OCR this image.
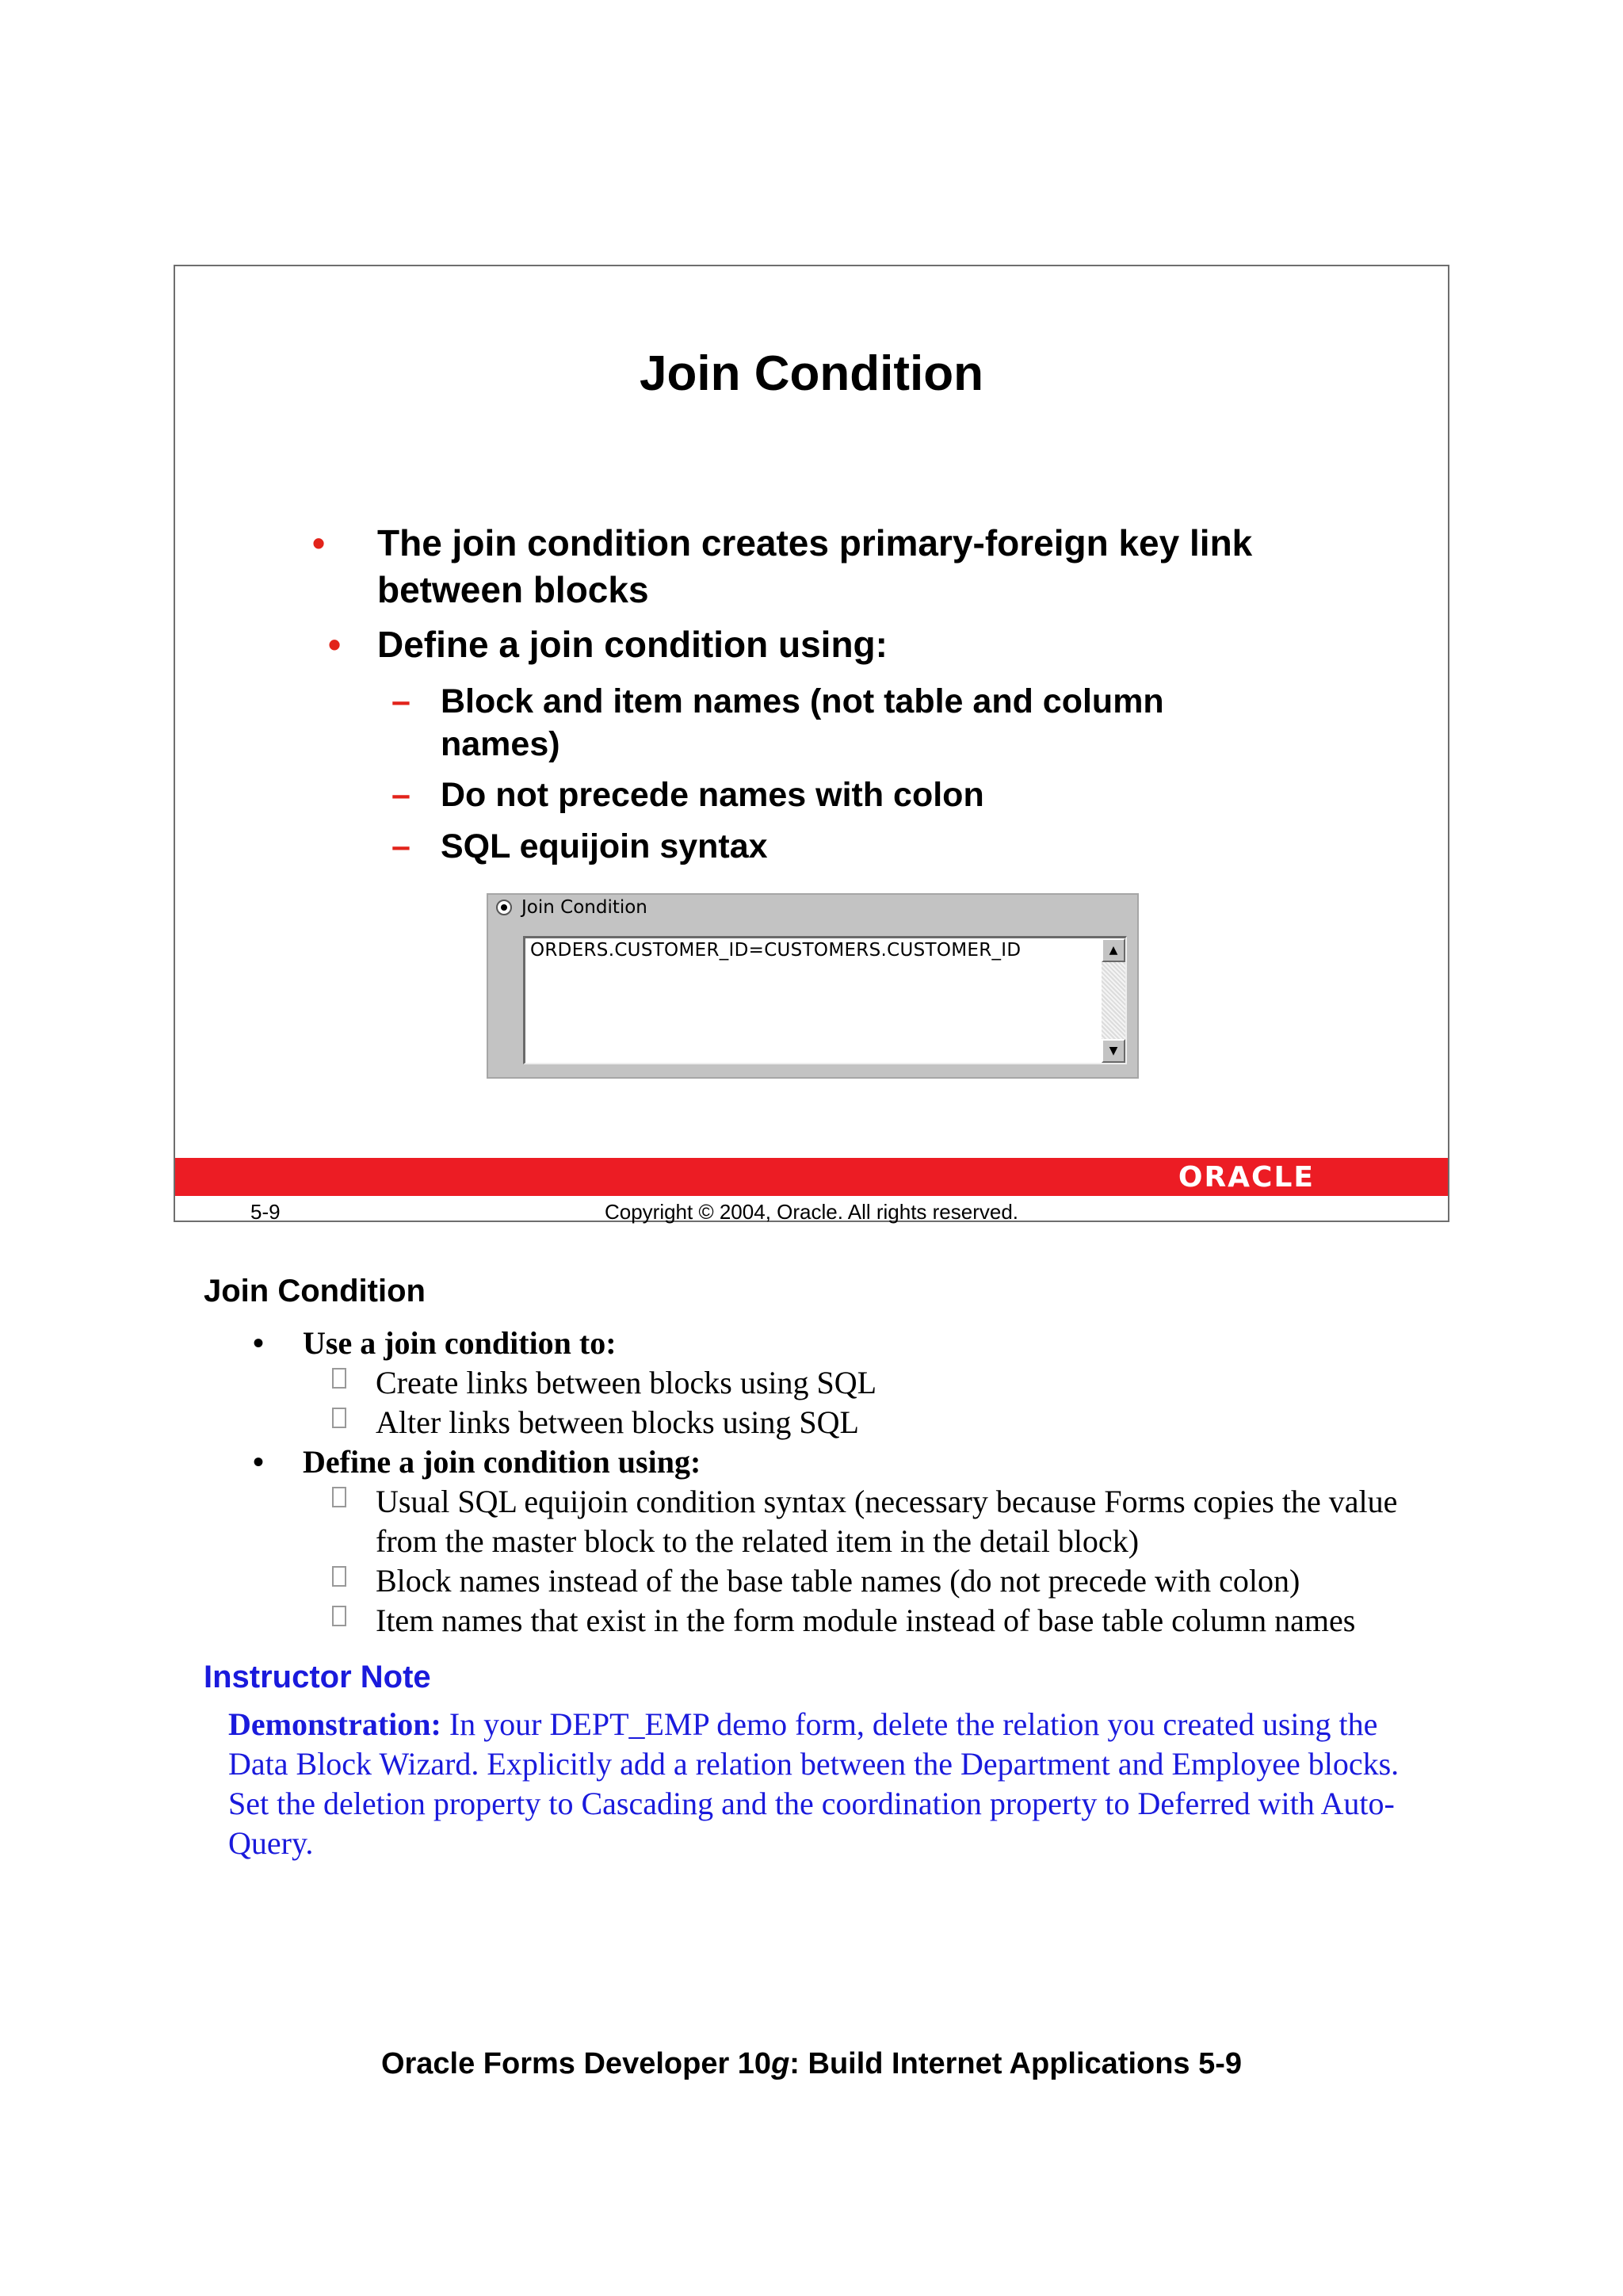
Join Condition
• The join condition creates primary-foreign key link between blocks
• Define a join condition using:
– Block and item names (not table and column names)
– Do not precede names with colon
– SQL equijoin syntax
Join Condition
ORDERS.CUSTOMER_ID=CUSTOMERS.CUSTOMER_ID	▲
▼
ORACLE
5-9	Copyright © 2004, Oracle. All rights reserved.
Join Condition
• Use a join condition to:
Create links between blocks using SQL
Alter links between blocks using SQL
• Define a join condition using:
Usual SQL equijoin condition syntax (necessary because Forms copies the value from the master block to the related item in the detail block)
Block names instead of the base table names (do not precede with colon)
Item names that exist in the form module instead of base table column names
Instructor Note
Demonstration: In your DEPT_EMP demo form, delete the relation you created using the Data Block Wizard. Explicitly add a relation between the Department and Employee blocks. Set the deletion property to Cascading and the coordination property to Deferred with Auto-Query.
Oracle Forms Developer 10g: Build Internet Applications 5-9
